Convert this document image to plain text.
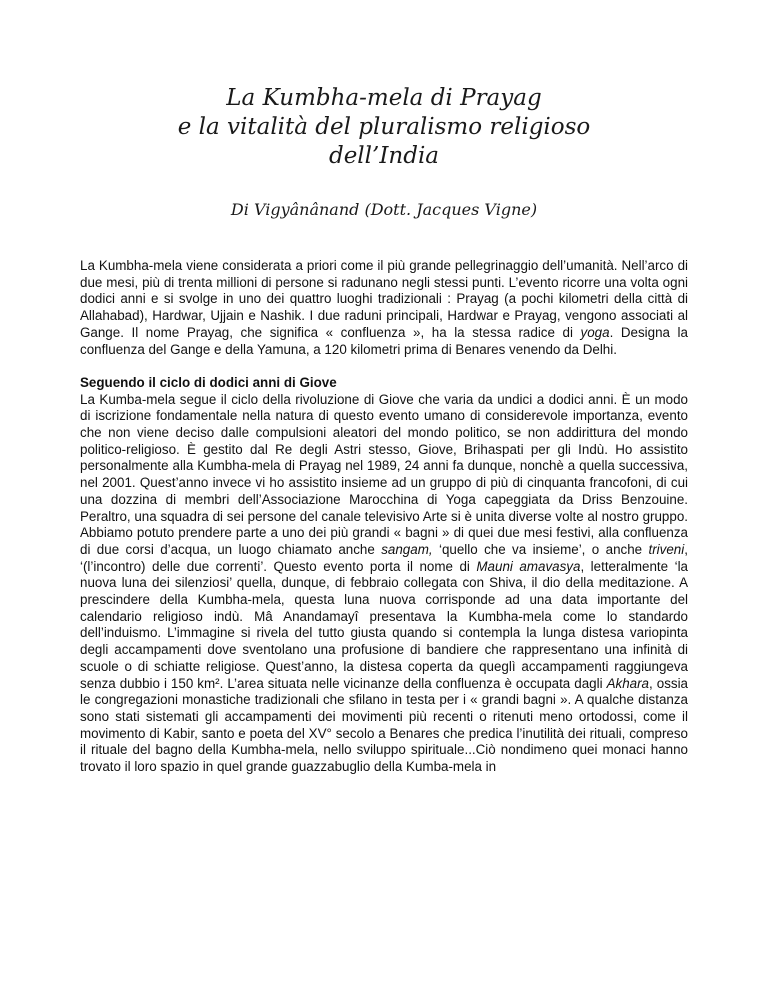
La Kumbha-mela di Prayag
e la vitalità del pluralismo religioso
dell’India
Di Vigyânânand (Dott. Jacques Vigne)

La Kumbha-mela viene considerata a priori come il più grande pellegrinaggio dell’umanità. Nell’arco di due mesi, più di trenta millioni di persone si radunano negli stessi punti. L’evento ricorre una volta ogni dodici anni e si svolge in uno dei quattro luoghi tradizionali : Prayag (a pochi kilometri della città di Allahabad), Hardwar, Ujjain e Nashik. I due raduni principali, Hardwar e Prayag, vengono associati al Gange. Il nome Prayag, che significa « confluenza », ha la stessa radice di yoga. Designa la confluenza del Gange e della Yamuna, a 120 kilometri prima di Benares venendo da Delhi.

Seguendo il ciclo di dodici anni di Giove

La Kumba-mela segue il ciclo della rivoluzione di Giove che varia da undici a dodici anni. È un modo di iscrizione fondamentale nella natura di questo evento umano di considerevole importanza, evento che non viene deciso dalle compulsioni aleatori del mondo politico, se non addirittura del mondo politico-religioso. È gestito dal Re degli Astri stesso, Giove, Brihaspati per gli Indù. Ho assistito personalmente alla Kumbha-mela di Prayag nel 1989, 24 anni fa dunque, nonchè a quella successiva, nel 2001. Quest’anno invece vi ho assistito insieme ad un gruppo di più di cinquanta francofoni, di cui una dozzina di membri dell’Associazione Marocchina di Yoga capeggiata da Driss Benzouine. Peraltro, una squadra di sei persone del canale televisivo Arte si è unita diverse volte al nostro gruppo. Abbiamo potuto prendere parte a uno dei più grandi « bagni » di quei due mesi festivi, alla confluenza di due corsi d’acqua, un luogo chiamato anche sangam, ‘quello che va insieme’, o anche triveni, ‘(l’incontro) delle due correnti’. Questo evento porta il nome di Mauni amavasya, letteralmente ‘la nuova luna dei silenziosi’ quella, dunque, di febbraio collegata con Shiva, il dio della meditazione. A prescindere della Kumbha-mela, questa luna nuova corrisponde ad una data importante del calendario religioso indù. Mâ Anandamayî presentava la Kumbha-mela come lo standardo dell’induismo. L’immagine si rivela del tutto giusta quando si contempla la lunga distesa variopinta degli accampamenti dove sventolano una profusione di bandiere che rappresentano una infinità di scuole o di schiatte religiose. Quest’anno, la distesa coperta da queglì accampamenti raggiungeva senza dubbio i 150 km². L’area situata nelle vicinanze della confluenza è occupata dagli Akhara, ossia le congregazioni monastiche tradizionali che sfilano in testa per i « grandi bagni ». A qualche distanza sono stati sistemati gli accampamenti dei movimenti più recenti o ritenuti meno ortodossi, come il movimento di Kabir, santo e poeta del XV° secolo a Benares che predica l’inutilità dei rituali, compreso il rituale del bagno della Kumbha-mela, nello sviluppo spirituale...Ciò nondimeno quei monaci hanno trovato il loro spazio in quel grande guazzabuglio della Kumba-mela in
